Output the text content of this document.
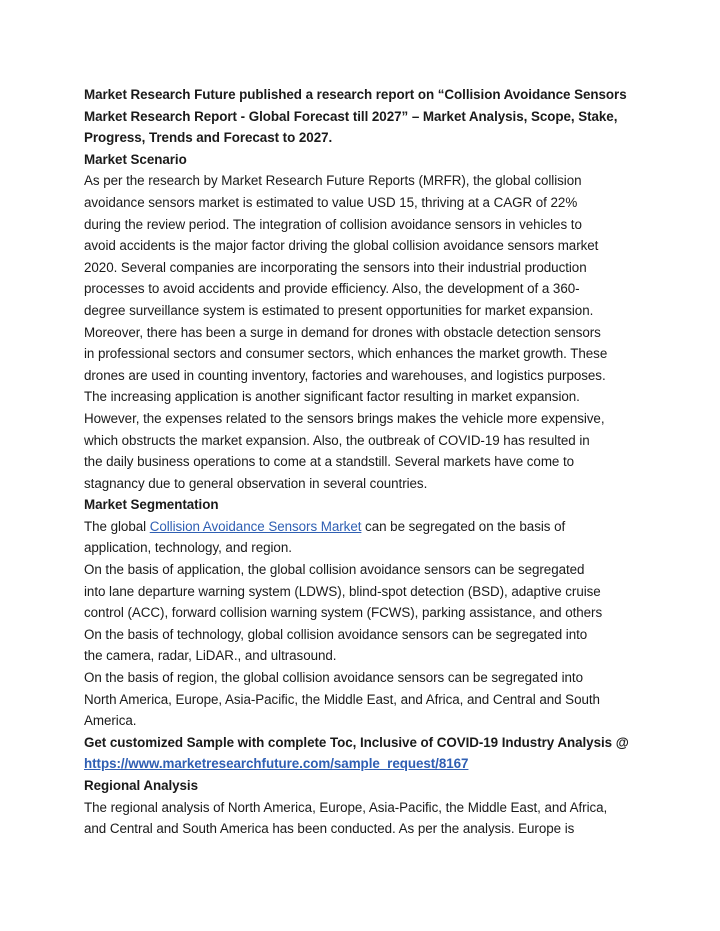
Market Research Future published a research report on “Collision Avoidance Sensors
Market Research Report - Global Forecast till 2027” – Market Analysis, Scope, Stake,
Progress, Trends and Forecast to 2027.

Market Scenario
As per the research by Market Research Future Reports (MRFR), the global collision
avoidance sensors market is estimated to value USD 15, thriving at a CAGR of 22%
during the review period. The integration of collision avoidance sensors in vehicles to
avoid accidents is the major factor driving the global collision avoidance sensors market
2020. Several companies are incorporating the sensors into their industrial production
processes to avoid accidents and provide efficiency. Also, the development of a 360-
degree surveillance system is estimated to present opportunities for market expansion.
Moreover, there has been a surge in demand for drones with obstacle detection sensors
in professional sectors and consumer sectors, which enhances the market growth. These
drones are used in counting inventory, factories and warehouses, and logistics purposes.
The increasing application is another significant factor resulting in market expansion.
However, the expenses related to the sensors brings makes the vehicle more expensive,
which obstructs the market expansion. Also, the outbreak of COVID-19 has resulted in
the daily business operations to come at a standstill. Several markets have come to
stagnancy due to general observation in several countries.

Market Segmentation
The global Collision Avoidance Sensors Market can be segregated on the basis of
application, technology, and region.
On the basis of application, the global collision avoidance sensors can be segregated
into lane departure warning system (LDWS), blind-spot detection (BSD), adaptive cruise
control (ACC), forward collision warning system (FCWS), parking assistance, and others
On the basis of technology, global collision avoidance sensors can be segregated into
the camera, radar, LiDAR., and ultrasound.
On the basis of region, the global collision avoidance sensors can be segregated into
North America, Europe, Asia-Pacific, the Middle East, and Africa, and Central and South
America.

Get customized Sample with complete Toc, Inclusive of COVID-19 Industry Analysis @
https://www.marketresearchfuture.com/sample_request/8167

Regional Analysis
The regional analysis of North America, Europe, Asia-Pacific, the Middle East, and Africa,
and Central and South America has been conducted. As per the analysis. Europe is
